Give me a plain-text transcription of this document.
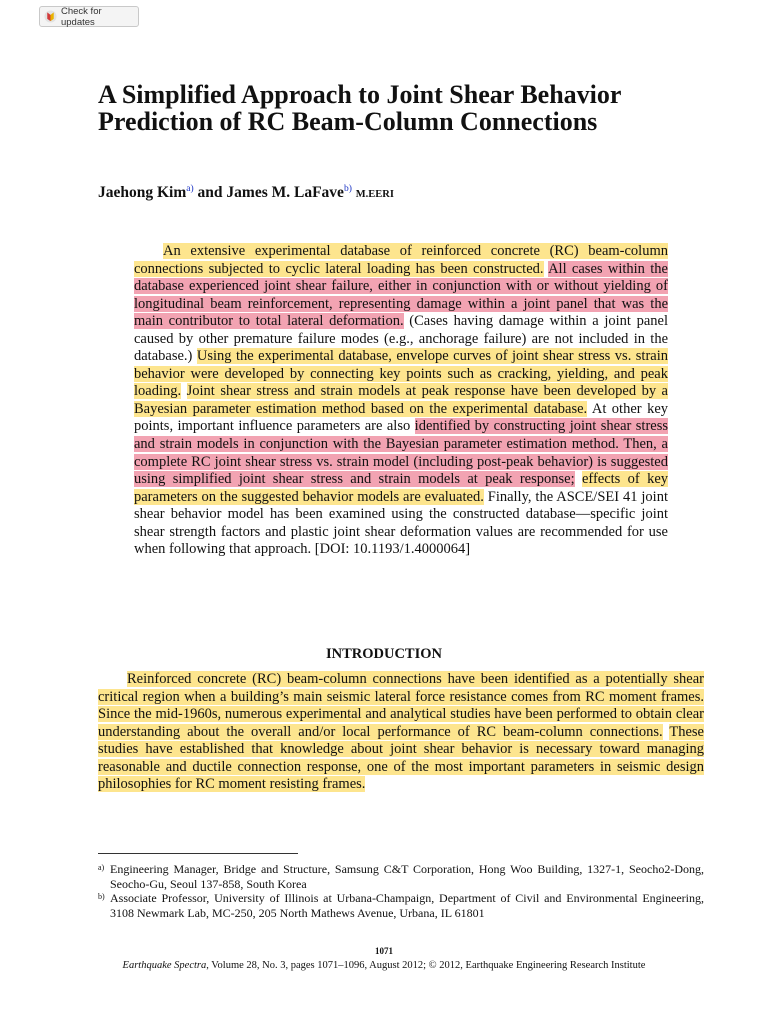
Check for updates
A Simplified Approach to Joint Shear Behavior Prediction of RC Beam-Column Connections

Jaehong Kim$^{a)}$ and James M. LaFave$^{b)}$ M.EERI

  An extensive experimental database of reinforced concrete (RC) beam-column connections subjected to cyclic lateral loading has been constructed. All cases within the database experienced joint shear failure, either in conjunction with or without yielding of longitudinal beam reinforcement, representing damage within a joint panel that was the main contributor to total lateral deformation. (Cases having damage within a joint panel caused by other premature failure modes (e.g., anchorage failure) are not included in the database.) Using the experimental database, envelope curves of joint shear stress vs. strain behavior were developed by connecting key points such as cracking, yielding, and peak loading. Joint shear stress and strain models at peak response have been developed by a Bayesian parameter estimation method based on the experimental database. At other key points, important influence parameters are also identified by constructing joint shear stress and strain models in conjunction with the Bayesian parameter estimation method. Then, a complete RC joint shear stress vs. strain model (including post-peak behavior) is suggested using simplified joint shear stress and strain models at peak response; effects of key parameters on the suggested behavior models are evaluated. Finally, the ASCE/SEI 41 joint shear behavior model has been examined using the constructed database—specific joint shear strength factors and plastic joint shear deformation values are recommended for use when following that approach. [DOI: 10.1193/1.4000064]

INTRODUCTION

  Reinforced concrete (RC) beam-column connections have been identified as a potentially shear critical region when a building’s main seismic lateral force resistance comes from RC moment frames. Since the mid-1960s, numerous experimental and analytical studies have been performed to obtain clear understanding about the overall and/or local performance of RC beam-column connections. These studies have established that knowledge about joint shear behavior is necessary toward managing reasonable and ductile connection response, one of the most important parameters in seismic design philosophies for RC moment resisting frames.

a) Engineering Manager, Bridge and Structure, Samsung C&T Corporation, Hong Woo Building, 1327-1, Seocho2-Dong, Seocho-Gu, Seoul 137-858, South Korea
b) Associate Professor, University of Illinois at Urbana-Champaign, Department of Civil and Environmental Engineering, 3108 Newmark Lab, MC-250, 205 North Mathews Avenue, Urbana, IL 61801

1071

Earthquake Spectra, Volume 28, No. 3, pages 1071–1096, August 2012; © 2012, Earthquake Engineering Research Institute
